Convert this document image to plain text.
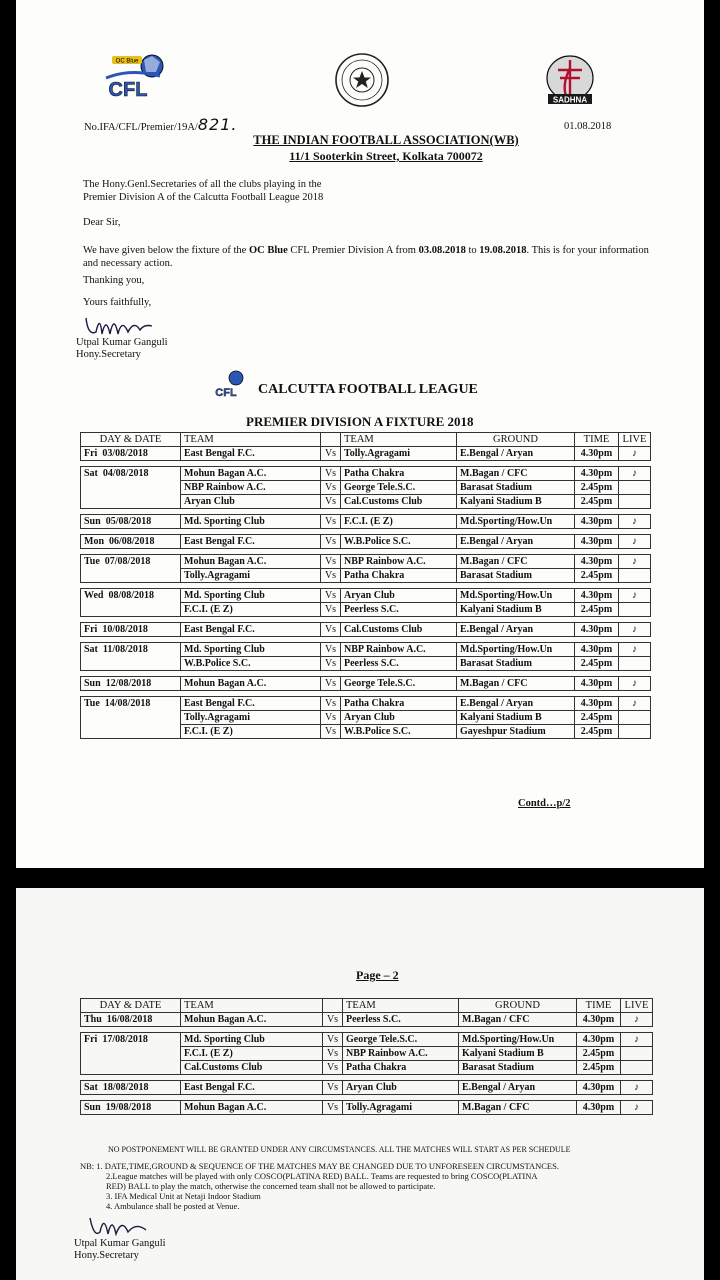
OC Blue
CFL	SADHNA
No.IFA/CFL/Premier/19A/821.	01.08.2018
THE INDIAN FOOTBALL ASSOCIATION(WB)
11/1 Sooterkin Street, Kolkata 700072
The Hony.Genl.Secretaries of all the clubs playing in the
Premier Division A of the Calcutta Football League 2018
Dear Sir,
We have given below the fixture of the OC Blue CFL Premier Division A from 03.08.2018 to 19.08.2018. This is for your information and necessary action.
Thanking you,
Yours faithfully,
Utpal Kumar Ganguli
Hony.Secretary
CFL CALCUTTA FOOTBALL LEAGUE
PREMIER DIVISION A FIXTURE 2018
DAY & DATE	TEAM		TEAM	GROUND	TIME	LIVE
Fri 03/08/2018	East Bengal F.C.	Vs	Tolly.Agragami	E.Bengal / Aryan	4.30pm	♪

Sat 04/08/2018	Mohun Bagan A.C.	Vs	Patha Chakra	M.Bagan / CFC	4.30pm	♪
	NBP Rainbow A.C.	Vs	George Tele.S.C.	Barasat Stadium	2.45pm	
	Aryan Club	Vs	Cal.Customs Club	Kalyani Stadium B	2.45pm	

Sun 05/08/2018	Md. Sporting Club	Vs	F.C.I. (E Z)	Md.Sporting/How.Un	4.30pm	♪

Mon 06/08/2018	East Bengal F.C.	Vs	W.B.Police S.C.	E.Bengal / Aryan	4.30pm	♪

Tue 07/08/2018	Mohun Bagan A.C.	Vs	NBP Rainbow A.C.	M.Bagan / CFC	4.30pm	♪
	Tolly.Agragami	Vs	Patha Chakra	Barasat Stadium	2.45pm	

Wed 08/08/2018	Md. Sporting Club	Vs	Aryan Club	Md.Sporting/How.Un	4.30pm	♪
	F.C.I. (E Z)	Vs	Peerless S.C.	Kalyani Stadium B	2.45pm	

Fri 10/08/2018	East Bengal F.C.	Vs	Cal.Customs Club	E.Bengal / Aryan	4.30pm	♪

Sat 11/08/2018	Md. Sporting Club	Vs	NBP Rainbow A.C.	Md.Sporting/How.Un	4.30pm	♪
	W.B.Police S.C.	Vs	Peerless S.C.	Barasat Stadium	2.45pm	

Sun 12/08/2018	Mohun Bagan A.C.	Vs	George Tele.S.C.	M.Bagan / CFC	4.30pm	♪

Tue 14/08/2018	East Bengal F.C.	Vs	Patha Chakra	E.Bengal / Aryan	4.30pm	♪
	Tolly.Agragami	Vs	Aryan Club	Kalyani Stadium B	2.45pm	
	F.C.I. (E Z)	Vs	W.B.Police S.C.	Gayeshpur Stadium	2.45pm	
Contd…p/2
Page – 2
DAY & DATE	TEAM		TEAM	GROUND	TIME	LIVE
Thu 16/08/2018	Mohun Bagan A.C.	Vs	Peerless S.C.	M.Bagan / CFC	4.30pm	♪

Fri 17/08/2018	Md. Sporting Club	Vs	George Tele.S.C.	Md.Sporting/How.Un	4.30pm	♪
	F.C.I. (E Z)	Vs	NBP Rainbow A.C.	Kalyani Stadium B	2.45pm	
	Cal.Customs Club	Vs	Patha Chakra	Barasat Stadium	2.45pm	

Sat 18/08/2018	East Bengal F.C.	Vs	Aryan Club	E.Bengal / Aryan	4.30pm	♪

Sun 19/08/2018	Mohun Bagan A.C.	Vs	Tolly.Agragami	M.Bagan / CFC	4.30pm	♪
NO POSTPONEMENT WILL BE GRANTED UNDER ANY CIRCUMSTANCES. ALL THE MATCHES WILL START AS PER SCHEDULE
NB: 1. DATE,TIME,GROUND & SEQUENCE OF THE MATCHES MAY BE CHANGED DUE TO UNFORESEEN CIRCUMSTANCES.
2.League matches will be played with only COSCO(PLATINA RED) BALL. Teams are requested to bring COSCO(PLATINA
RED) BALL to play the match, otherwise the concerned team shall not be allowed to participate.
3. IFA Medical Unit at Netaji Indoor Stadium
4. Ambulance shall be posted at Venue.
Utpal Kumar Ganguli
Hony.Secretary
